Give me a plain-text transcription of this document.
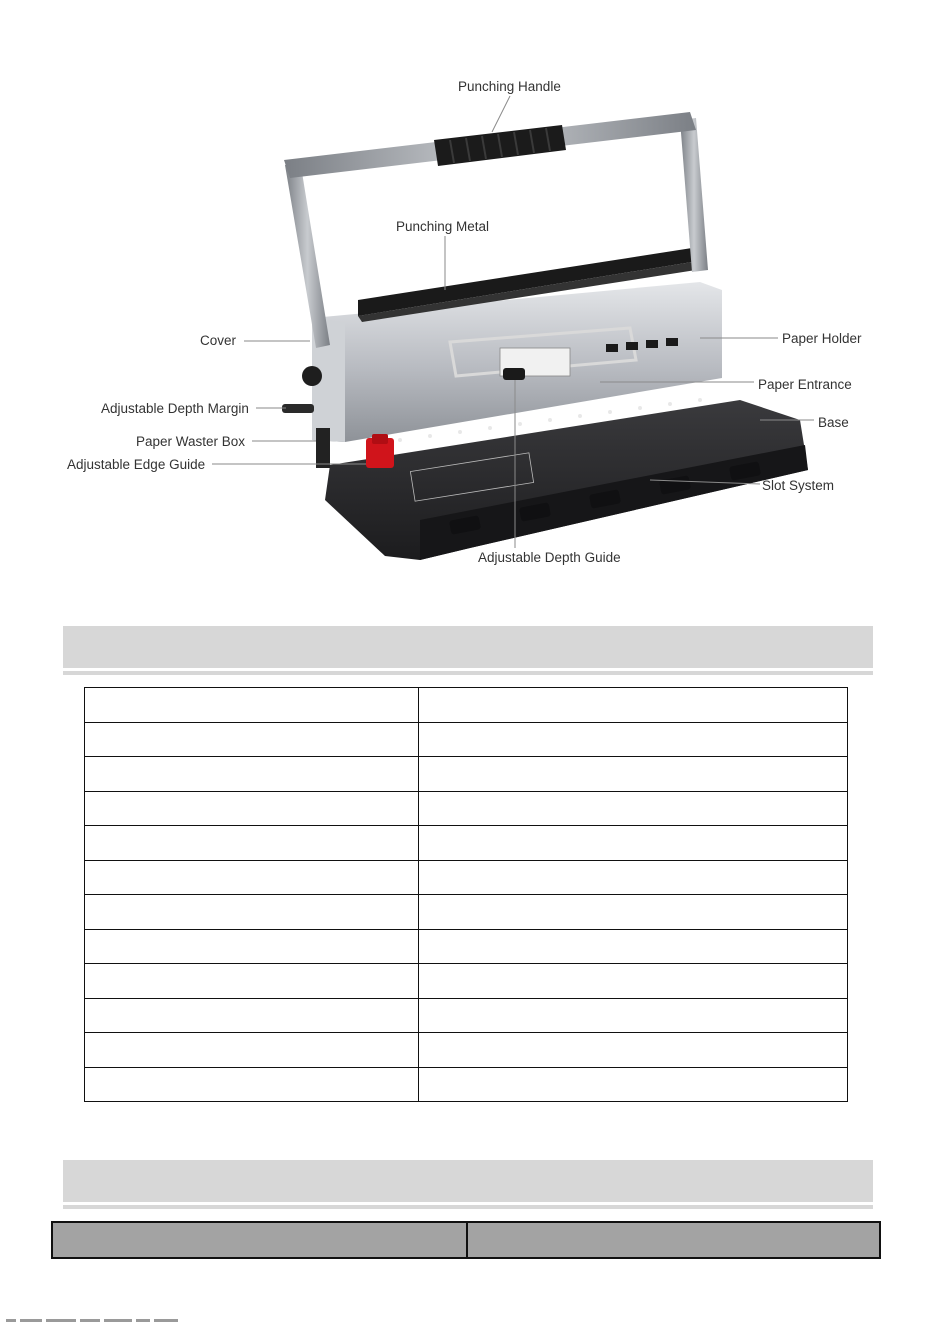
Punching Handle
Punching Metal
Cover	Paper Holder
Paper Entrance
Adjustable Depth Margin
Base
Paper Waster Box
Adjustable Edge Guide
Slot System
Adjustable Depth Guide
